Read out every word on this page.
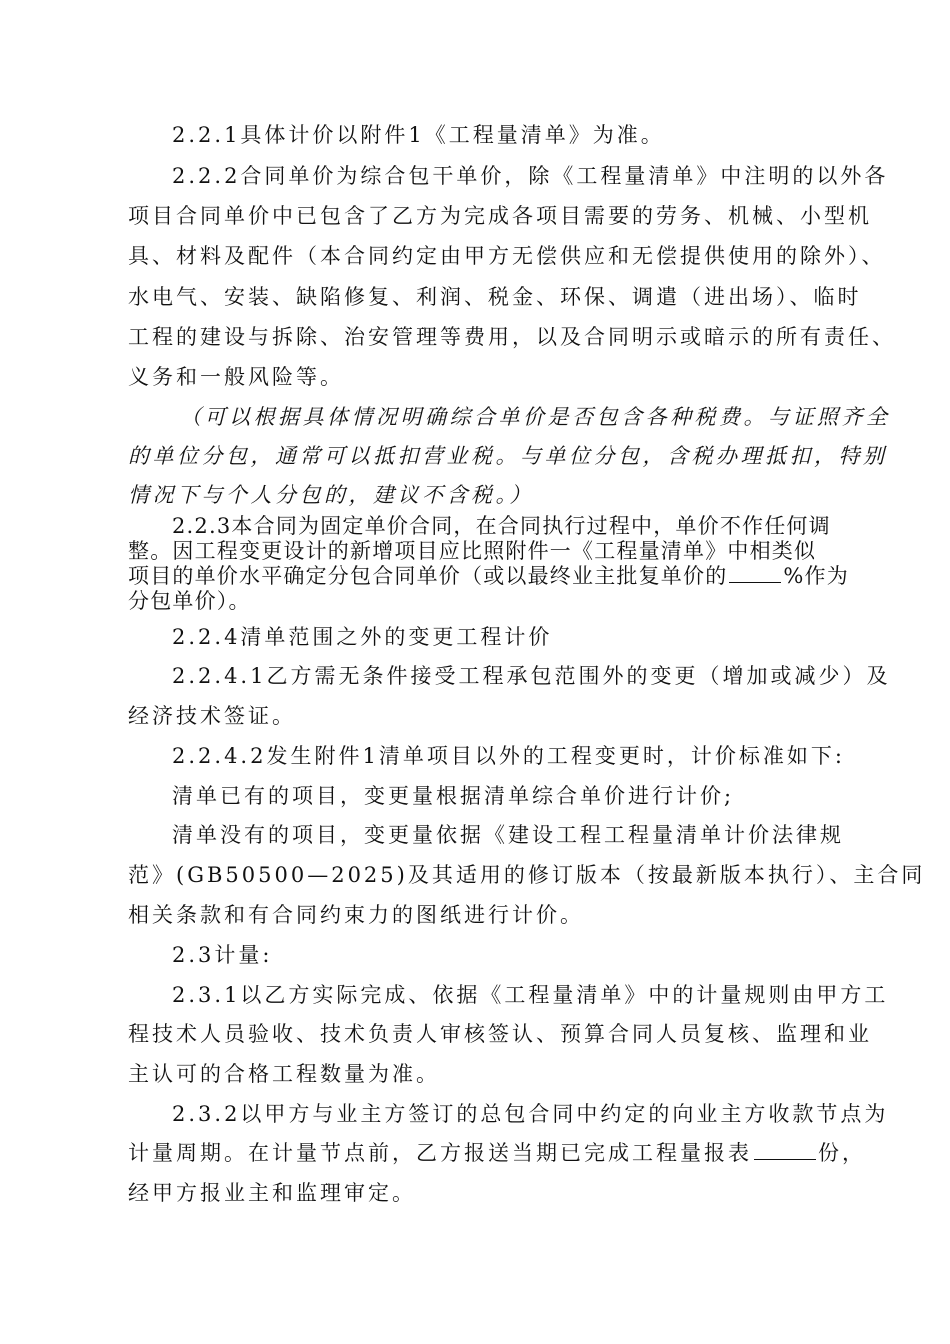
2.2.1具体计价以附件1《工程量清单》为准。
2.2.2合同单价为综合包干单价，除《工程量清单》中注明的以外各
项目合同单价中已包含了乙方为完成各项目需要的劳务、机械、小型机
具、材料及配件（本合同约定由甲方无偿供应和无偿提供使用的除外）、
水电气、安装、缺陷修复、利润、税金、环保、调遣（进出场）、临时
工程的建设与拆除、治安管理等费用，以及合同明示或暗示的所有责任、
义务和一般风险等。
（可以根据具体情况明确综合单价是否包含各种税费。与证照齐全
的单位分包，通常可以抵扣营业税。与单位分包，含税办理抵扣，特别
情况下与个人分包的，建议不含税。）
2.2.3本合同为固定单价合同，在合同执行过程中，单价不作任何调
整。因工程变更设计的新增项目应比照附件一《工程量清单》中相类似
项目的单价水平确定分包合同单价（或以最终业主批复单价的	%作为
分包单价）。
2.2.4清单范围之外的变更工程计价
2.2.4.1乙方需无条件接受工程承包范围外的变更（增加或减少）及
经济技术签证。
2.2.4.2发生附件1清单项目以外的工程变更时，计价标准如下:
清单已有的项目，变更量根据清单综合单价进行计价;
清单没有的项目，变更量依据《建设工程工程量清单计价法律规
范》(GB50500—2025)及其适用的修订版本（按最新版本执行）、主合同
相关条款和有合同约束力的图纸进行计价。
2.3计量:
2.3.1以乙方实际完成、依据《工程量清单》中的计量规则由甲方工
程技术人员验收、技术负责人审核签认、预算合同人员复核、监理和业
主认可的合格工程数量为准。
2.3.2以甲方与业主方签订的总包合同中约定的向业主方收款节点为
计量周期。在计量节点前，乙方报送当期已完成工程量报表	份，
经甲方报业主和监理审定。
